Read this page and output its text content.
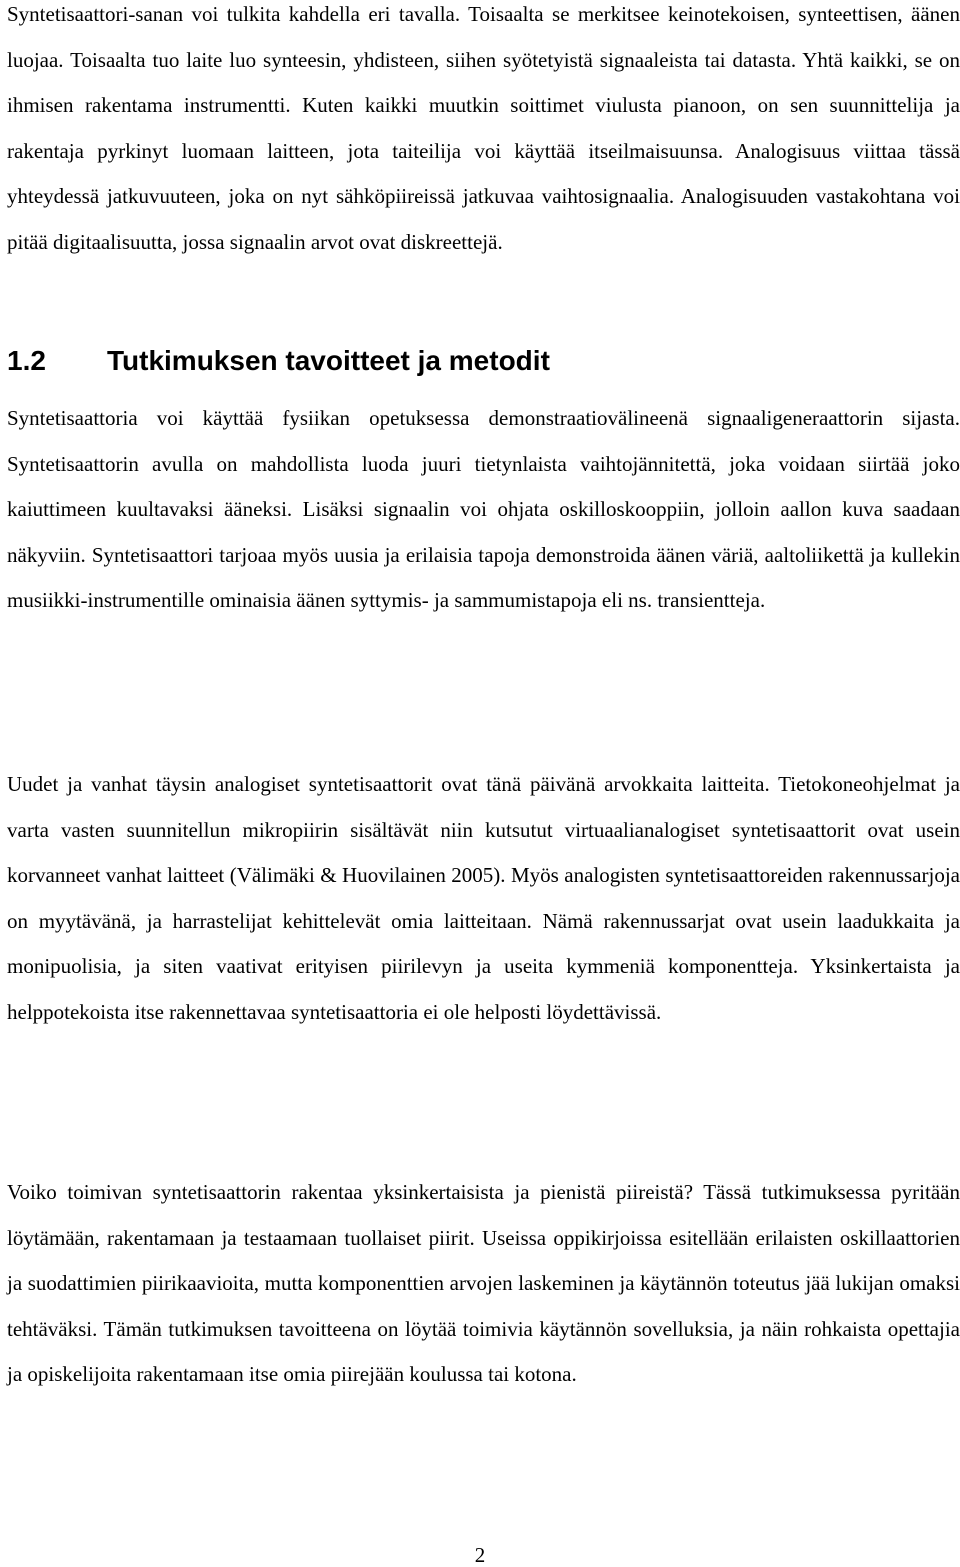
Syntetisaattori-sanan voi tulkita kahdella eri tavalla. Toisaalta se merkitsee keinotekoisen, synteettisen, äänen luojaa. Toisaalta tuo laite luo synteesin, yhdisteen, siihen syötetyistä signaaleista tai datasta. Yhtä kaikki, se on ihmisen rakentama instrumentti. Kuten kaikki muutkin soittimet viulusta pianoon, on sen suunnittelija ja rakentaja pyrkinyt luomaan laitteen, jota taiteilija voi käyttää itseilmaisuunsa. Analogisuus viittaa tässä yhteydessä jatkuvuuteen, joka on nyt sähköpiireissä jatkuvaa vaihtosignaalia. Analogisuuden vastakohtana voi pitää digitaalisuutta, jossa signaalin arvot ovat diskreettejä.

1.2 Tutkimuksen tavoitteet ja metodit

Syntetisaattoria voi käyttää fysiikan opetuksessa demonstraatiovälineenä signaaligeneraattorin sijasta. Syntetisaattorin avulla on mahdollista luoda juuri tietynlaista vaihtojännitettä, joka voidaan siirtää joko kaiuttimeen kuultavaksi ääneksi. Lisäksi signaalin voi ohjata oskilloskooppiin, jolloin aallon kuva saadaan näkyviin. Syntetisaattori tarjoaa myös uusia ja erilaisia tapoja demonstroida äänen väriä, aaltoliikettä ja kullekin musiikki-instrumentille ominaisia äänen syttymis- ja sammumistapoja eli ns. transientteja.

Uudet ja vanhat täysin analogiset syntetisaattorit ovat tänä päivänä arvokkaita laitteita. Tietokoneohjelmat ja varta vasten suunnitellun mikropiirin sisältävät niin kutsutut virtuaalianalogiset syntetisaattorit ovat usein korvanneet vanhat laitteet (Välimäki & Huovilainen 2005). Myös analogisten syntetisaattoreiden rakennussarjoja on myytävänä, ja harrastelijat kehittelevät omia laitteitaan. Nämä rakennussarjat ovat usein laadukkaita ja monipuolisia, ja siten vaativat erityisen piirilevyn ja useita kymmeniä komponentteja. Yksinkertaista ja helppotekoista itse rakennettavaa syntetisaattoria ei ole helposti löydettävissä.

Voiko toimivan syntetisaattorin rakentaa yksinkertaisista ja pienistä piireistä? Tässä tutkimuksessa pyritään löytämään, rakentamaan ja testaamaan tuollaiset piirit. Useissa oppikirjoissa esitellään erilaisten oskillaattorien ja suodattimien piirikaavioita, mutta komponenttien arvojen laskeminen ja käytännön toteutus jää lukijan omaksi tehtäväksi. Tämän tutkimuksen tavoitteena on löytää toimivia käytännön sovelluksia, ja näin rohkaista opettajia ja opiskelijoita rakentamaan itse omia piirejään koulussa tai kotona.

2
